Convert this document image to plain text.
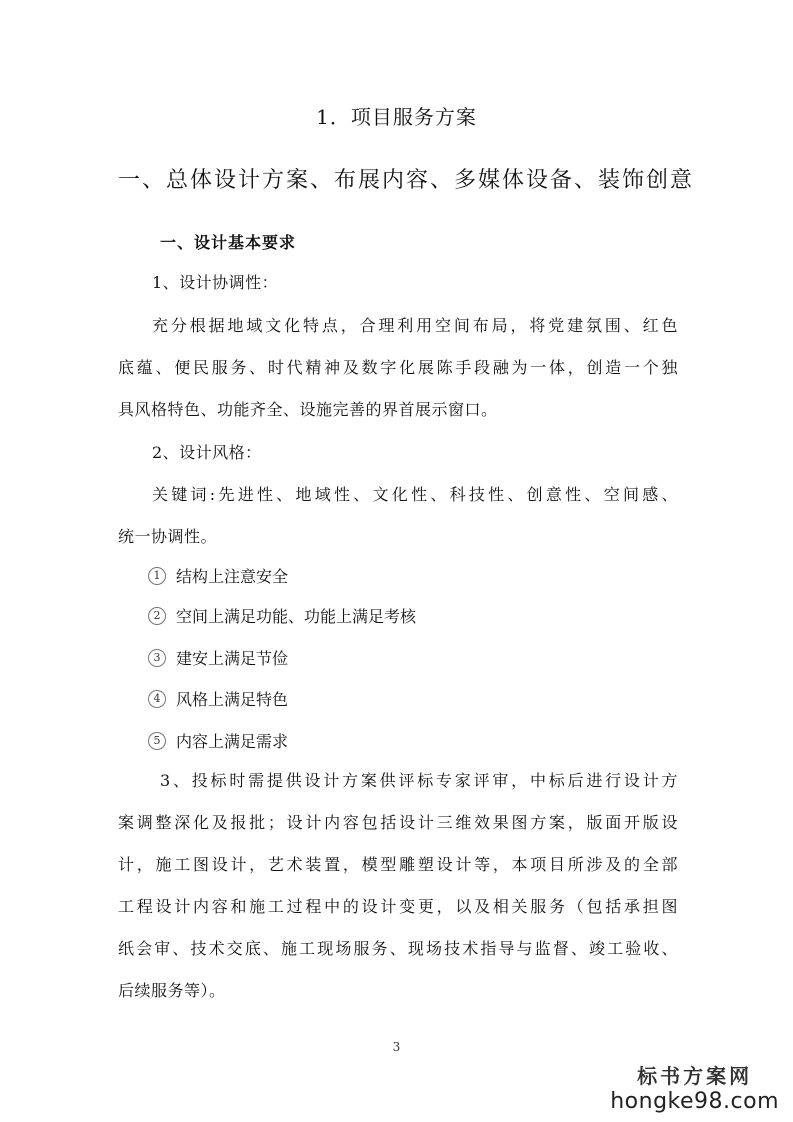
1．项目服务方案
一、总体设计方案、布展内容、多媒体设备、装饰创意
一、设计基本要求
1、设计协调性：
充分根据地域文化特点，合理利用空间布局，将党建氛围、红色
底蕴、便民服务、时代精神及数字化展陈手段融为一体，创造一个独
具风格特色、功能齐全、设施完善的界首展示窗口。
2、设计风格：
关键词:先进性、地域性、文化性、科技性、创意性、空间感、
统一协调性。
1 结构上注意安全
2 空间上满足功能、功能上满足考核
3 建安上满足节俭
4 风格上满足特色
5 内容上满足需求
3、投标时需提供设计方案供评标专家评审，中标后进行设计方
案调整深化及报批；设计内容包括设计三维效果图方案，版面开版设
计，施工图设计，艺术装置，模型雕塑设计等，本项目所涉及的全部
工程设计内容和施工过程中的设计变更，以及相关服务（包括承担图
纸会审、技术交底、施工现场服务、现场技术指导与监督、竣工验收、
后续服务等）。
3
标书方案网
hongke98.com
